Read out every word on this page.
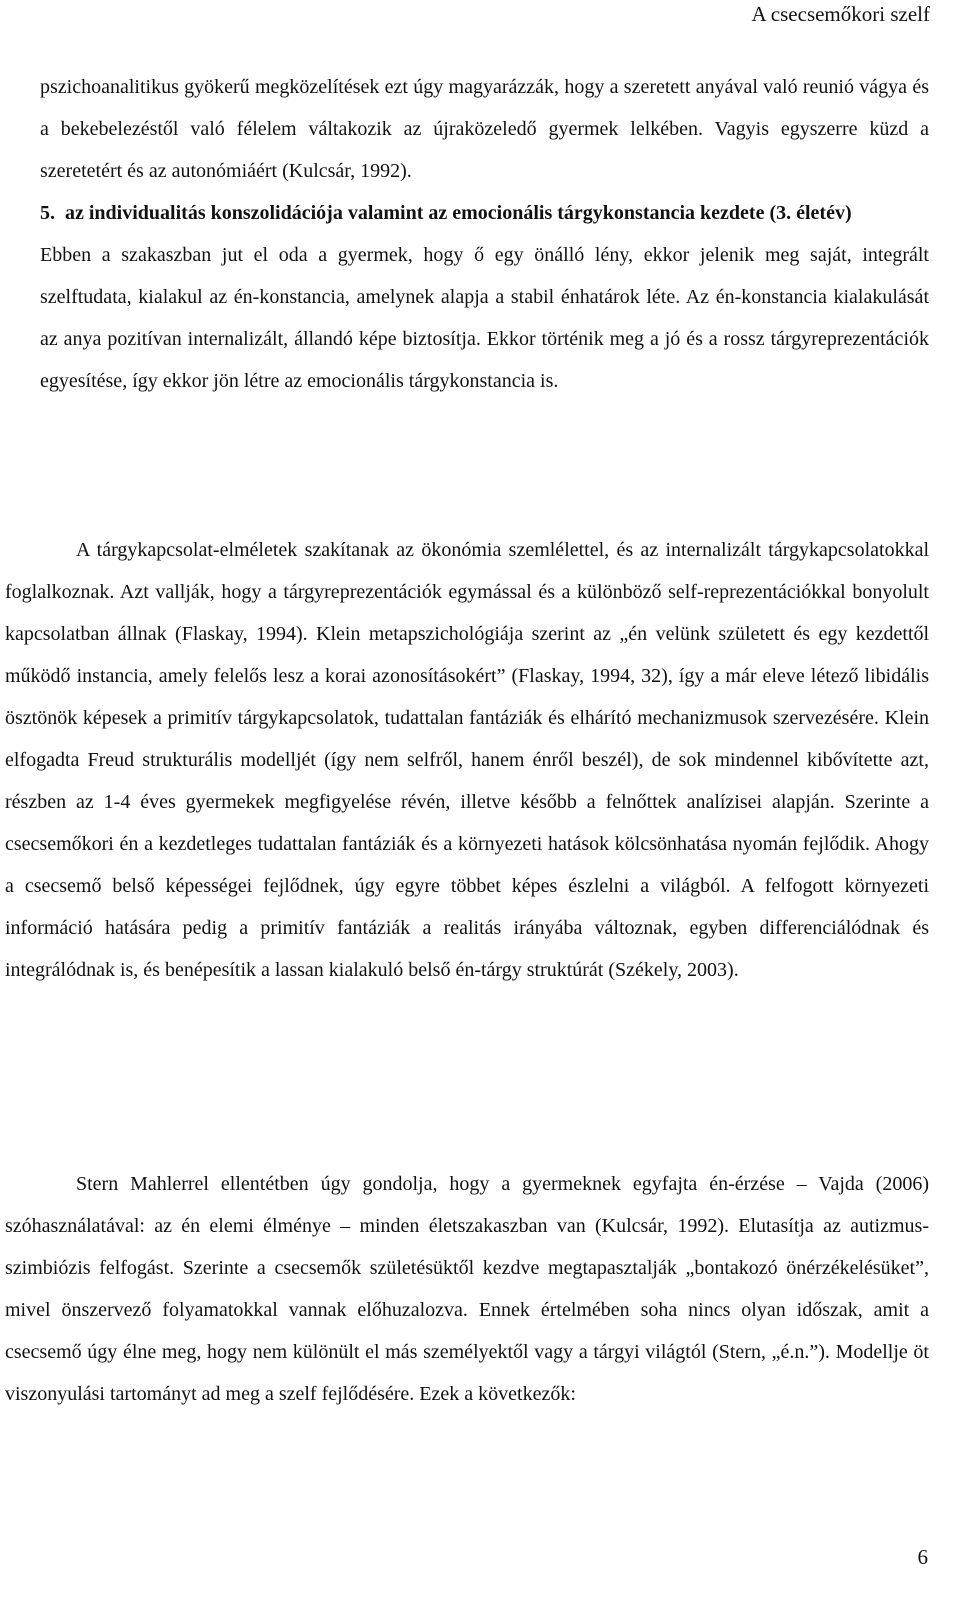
A csecsemőkori szelf

pszichoanalitikus gyökerű megközelítések ezt úgy magyarázzák, hogy a szeretett anyával való reunió vágya és a bekebelezéstől való félelem váltakozik az újraközeledő gyermek lelkében. Vagyis egyszerre küzd a szeretetért és az autonómiáért (Kulcsár, 1992).

5. az individualitás konszolidációja valamint az emocionális tárgykonstancia kezdete (3. életév)

Ebben a szakaszban jut el oda a gyermek, hogy ő egy önálló lény, ekkor jelenik meg saját, integrált szelftudata, kialakul az én-konstancia, amelynek alapja a stabil énhatárok léte. Az én-konstancia kialakulását az anya pozitívan internalizált, állandó képe biztosítja. Ekkor történik meg a jó és a rossz tárgyreprezentációk egyesítése, így ekkor jön létre az emocionális tárgykonstancia is.

A tárgykapcsolat-elméletek szakítanak az ökonómia szemlélettel, és az internalizált tárgykapcsolatokkal foglalkoznak. Azt vallják, hogy a tárgyreprezentációk egymással és a különböző self-reprezentációkkal bonyolult kapcsolatban állnak (Flaskay, 1994). Klein metapszichológiája szerint az „én velünk született és egy kezdettől működő instancia, amely felelős lesz a korai azonosításokért” (Flaskay, 1994, 32), így a már eleve létező libidális ösztönök képesek a primitív tárgykapcsolatok, tudattalan fantáziák és elhárító mechanizmusok szervezésére. Klein elfogadta Freud strukturális modelljét (így nem selfről, hanem énről beszél), de sok mindennel kibővítette azt, részben az 1-4 éves gyermekek megfigyelése révén, illetve később a felnőttek analízisei alapján. Szerinte a csecsemőkori én a kezdetleges tudattalan fantáziák és a környezeti hatások kölcsönhatása nyomán fejlődik. Ahogy a csecsemő belső képességei fejlődnek, úgy egyre többet képes észlelni a világból. A felfogott környezeti információ hatására pedig a primitív fantáziák a realitás irányába változnak, egyben differenciálódnak és integrálódnak is, és benépesítik a lassan kialakuló belső én-tárgy struktúrát (Székely, 2003).

Stern Mahlerrel ellentétben úgy gondolja, hogy a gyermeknek egyfajta én-érzése – Vajda (2006) szóhasználatával: az én elemi élménye – minden életszakaszban van (Kulcsár, 1992). Elutasítja az autizmus-szimbiózis felfogást. Szerinte a csecsemők születésüktől kezdve megtapasztalják „bontakozó önérzékelésüket”, mivel önszervező folyamatokkal vannak előhuzalozva. Ennek értelmében soha nincs olyan időszak, amit a csecsemő úgy élne meg, hogy nem különült el más személyektől vagy a tárgyi világtól (Stern, „é.n.”). Modellje öt viszonyulási tartományt ad meg a szelf fejlődésére. Ezek a következők:

6
